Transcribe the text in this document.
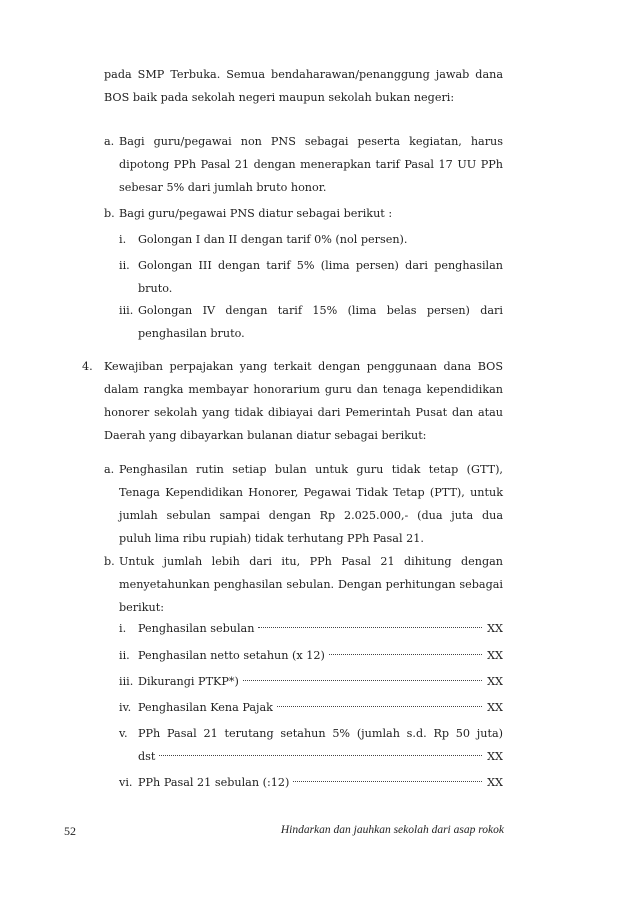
pada SMP Terbuka. Semua bendaharawan/penanggung jawab dana
BOS baik pada sekolah negeri maupun sekolah bukan negeri:
a. Bagi guru/pegawai non PNS sebagai peserta kegiatan, harus
dipotong PPh Pasal 21 dengan menerapkan tarif Pasal 17 UU PPh
sebesar 5% dari jumlah bruto honor.
b. Bagi guru/pegawai PNS diatur sebagai berikut :
i. Golongan I dan II dengan tarif 0% (nol persen).
ii. Golongan III dengan tarif 5% (lima persen) dari penghasilan
bruto.
iii. Golongan IV dengan tarif 15% (lima belas persen) dari
penghasilan bruto.
4. Kewajiban perpajakan yang terkait dengan penggunaan dana BOS
dalam rangka membayar honorarium guru dan tenaga kependidikan
honorer sekolah yang tidak dibiayai dari Pemerintah Pusat dan atau
Daerah yang dibayarkan bulanan diatur sebagai berikut:
a. Penghasilan rutin setiap bulan untuk guru tidak tetap (GTT),
Tenaga Kependidikan Honorer, Pegawai Tidak Tetap (PTT), untuk
jumlah sebulan sampai dengan Rp 2.025.000,- (dua juta dua
puluh lima ribu rupiah) tidak terhutang PPh Pasal 21.
b. Untuk jumlah lebih dari itu, PPh Pasal 21 dihitung dengan
menyetahunkan penghasilan sebulan. Dengan perhitungan sebagai
berikut:
i. Penghasilan sebulan	XX
ii. Penghasilan netto setahun (x 12)	XX
iii. Dikurangi PTKP*)	XX
iv. Penghasilan Kena Pajak	XX
v. PPh Pasal 21 terutang setahun 5% (jumlah s.d. Rp 50 juta)
dst	XX
vi. PPh Pasal 21 sebulan (:12)	XX
52	Hindarkan dan jauhkan sekolah dari asap rokok
